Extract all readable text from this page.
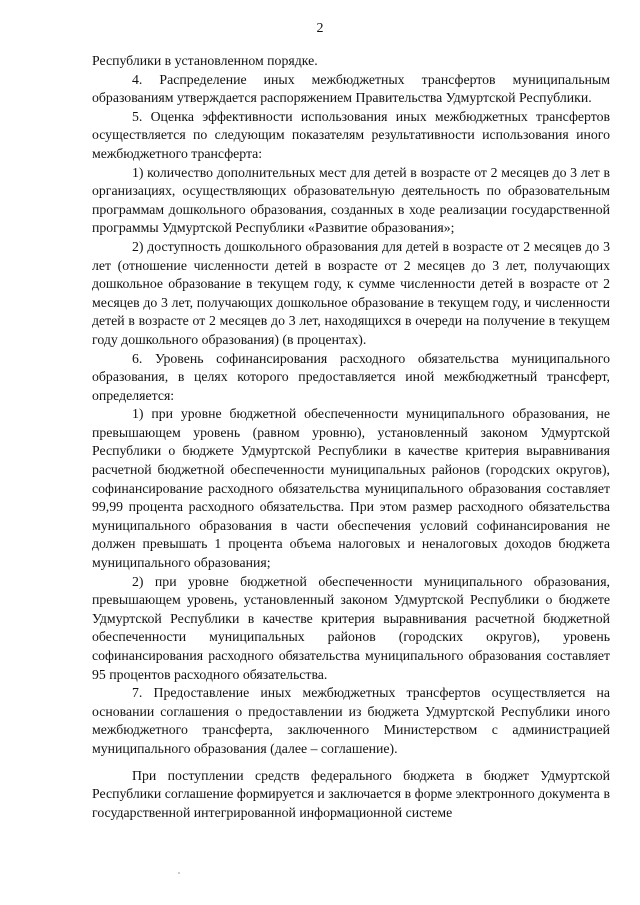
2

Республики в установленном порядке.

4. Распределение иных межбюджетных трансфертов муниципальным образованиям утверждается распоряжением Правительства Удмуртской Республики.

5. Оценка эффективности использования иных межбюджетных трансфертов осуществляется по следующим показателям результативности использования иного межбюджетного трансферта:

1) количество дополнительных мест для детей в возрасте от 2 месяцев до 3 лет в организациях, осуществляющих образовательную деятельность по образовательным программам дошкольного образования, созданных в ходе реализации государственной программы Удмуртской Республики «Развитие образования»;

2) доступность дошкольного образования для детей в возрасте от 2 месяцев до 3 лет (отношение численности детей в возрасте от 2 месяцев до 3 лет, получающих дошкольное образование в текущем году, к сумме численности детей в возрасте от 2 месяцев до 3 лет, получающих дошкольное образование в текущем году, и численности детей в возрасте от 2 месяцев до 3 лет, находящихся в очереди на получение в текущем году дошкольного образования) (в процентах).

6. Уровень софинансирования расходного обязательства муниципального образования, в целях которого предоставляется иной межбюджетный трансферт, определяется:

1) при уровне бюджетной обеспеченности муниципального образования, не превышающем уровень (равном уровню), установленный законом Удмуртской Республики о бюджете Удмуртской Республики в качестве критерия выравнивания расчетной бюджетной обеспеченности муниципальных районов (городских округов), софинансирование расходного обязательства муниципального образования составляет 99,99 процента расходного обязательства. При этом размер расходного обязательства муниципального образования в части обеспечения условий софинансирования не должен превышать 1 процента объема налоговых и неналоговых доходов бюджета муниципального образования;

2) при уровне бюджетной обеспеченности муниципального образования, превышающем уровень, установленный законом Удмуртской Республики о бюджете Удмуртской Республики в качестве критерия выравнивания расчетной бюджетной обеспеченности муниципальных районов (городских округов), уровень софинансирования расходного обязательства муниципального образования составляет 95 процентов расходного обязательства.

7. Предоставление иных межбюджетных трансфертов осуществляется на основании соглашения о предоставлении из бюджета Удмуртской Республики иного межбюджетного трансферта, заключенного Министерством с администрацией муниципального образования (далее – соглашение).

При поступлении средств федерального бюджета в бюджет Удмуртской Республики соглашение формируется и заключается в форме электронного документа в государственной интегрированной информационной системе
